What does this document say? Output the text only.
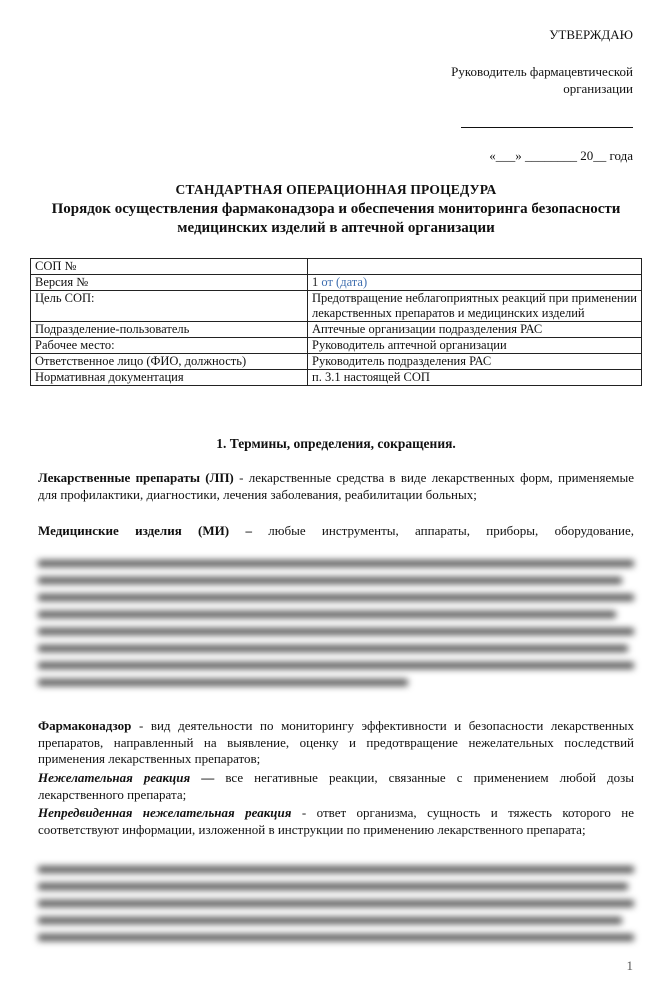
УТВЕРЖДАЮ
Руководитель фармацевтической организации
«___» ________ 20__ года
СТАНДАРТНАЯ ОПЕРАЦИОННАЯ ПРОЦЕДУРА
Порядок осуществления фармаконадзора и обеспечения мониторинга безопасности медицинских изделий в аптечной организации
СОП №	
Версия №	1 от (дата)
Цель СОП:	Предотвращение неблагоприятных реакций при применении лекарственных препаратов и медицинских изделий
Подразделение-пользователь	Аптечные организации подразделения РАС
Рабочее место:	Руководитель аптечной организации
Ответственное лицо (ФИО, должность)	Руководитель подразделения РАС
Нормативная документация	п. 3.1 настоящей СОП
1. Термины, определения, сокращения.
Лекарственные препараты (ЛП) - лекарственные средства в виде лекарственных форм, применяемые для профилактики, диагностики, лечения заболевания, реабилитации больных;
Медицинские изделия (МИ) – любые инструменты, аппараты, приборы, оборудование,
Фармаконадзор - вид деятельности по мониторингу эффективности и безопасности лекарственных препаратов, направленный на выявление, оценку и предотвращение нежелательных последствий применения лекарственных препаратов;
Нежелательная реакция — все негативные реакции, связанные с применением любой дозы лекарственного препарата;
Непредвиденная нежелательная реакция - ответ организма, сущность и тяжесть которого не соответствуют информации, изложенной в инструкции по применению лекарственного препарата;
1
